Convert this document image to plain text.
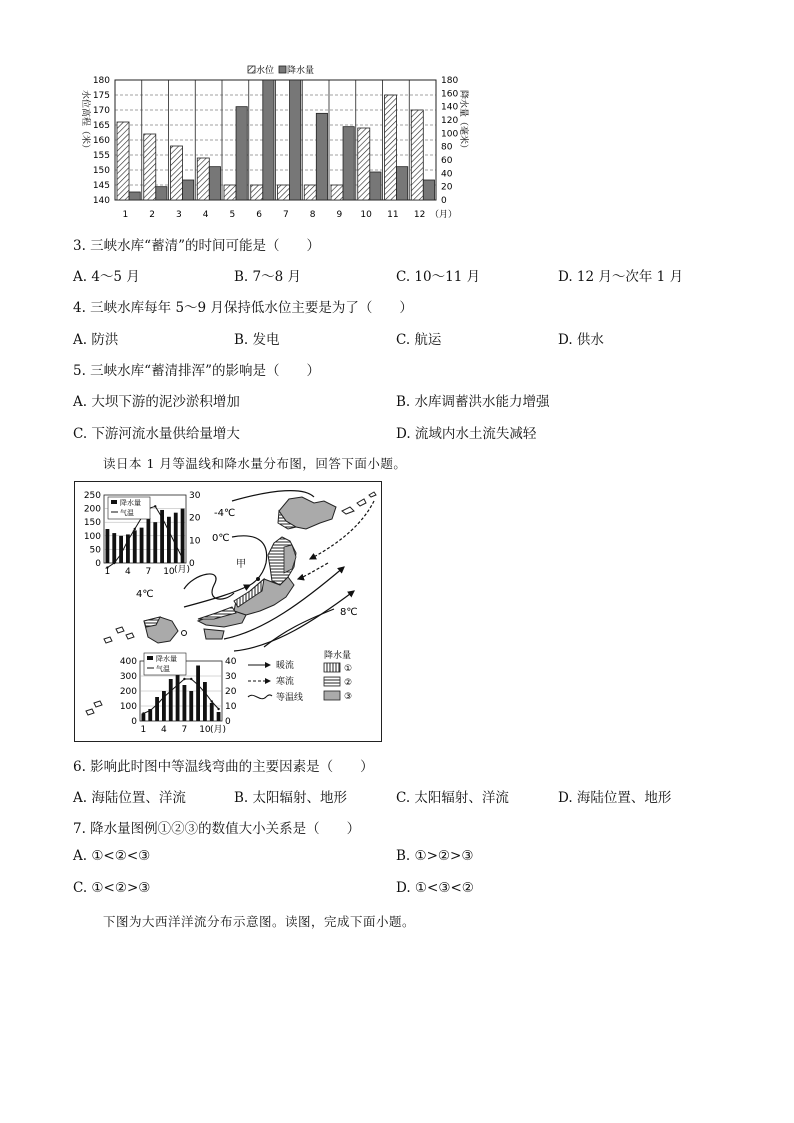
水位 降水量
180
175
170
165
160
155
150
145
140
180
160
140
120
100
80
60
40
20
0
1 2 3 4 5 6 7 8 9 10 11 12 （月）
水位高程（米）	降水量（毫米）
3. 三峡水库“蓄清”的时间可能是（　　）
A. 4～5 月	B. 7～8 月	C. 10～11 月	D. 12 月～次年 1 月
4. 三峡水库每年 5～9 月保持低水位主要是为了（　　）
A. 防洪	B. 发电	C. 航运	D. 供水
5. 三峡水库“蓄清排浑”的影响是（　　）
A. 大坝下游的泥沙淤积增加	B. 水库调蓄洪水能力增强
C. 下游河流水量供给量增大	D. 流域内水土流失减轻
读日本 1 月等温线和降水量分布图，回答下面小题。
-4℃
0℃
4℃
8℃
甲
250
200
150
100
50
0
30
20
10
0
1 4 7 10 (月)
降水量
气温
400
300
200
100
0
40
30
20
10
0
1 4 7 10 (月)
降水量
气温	暖流
寒流
等温线
降水量
①
②
③
6. 影响此时图中等温线弯曲的主要因素是（　　）
A. 海陆位置、洋流	B. 太阳辐射、地形	C. 太阳辐射、洋流	D. 海陆位置、地形
7. 降水量图例①②③的数值大小关系是（　　）
A. ①<②<③	B. ①>②>③
C. ①<②>③	D. ①<③<②
下图为大西洋洋流分布示意图。读图，完成下面小题。
